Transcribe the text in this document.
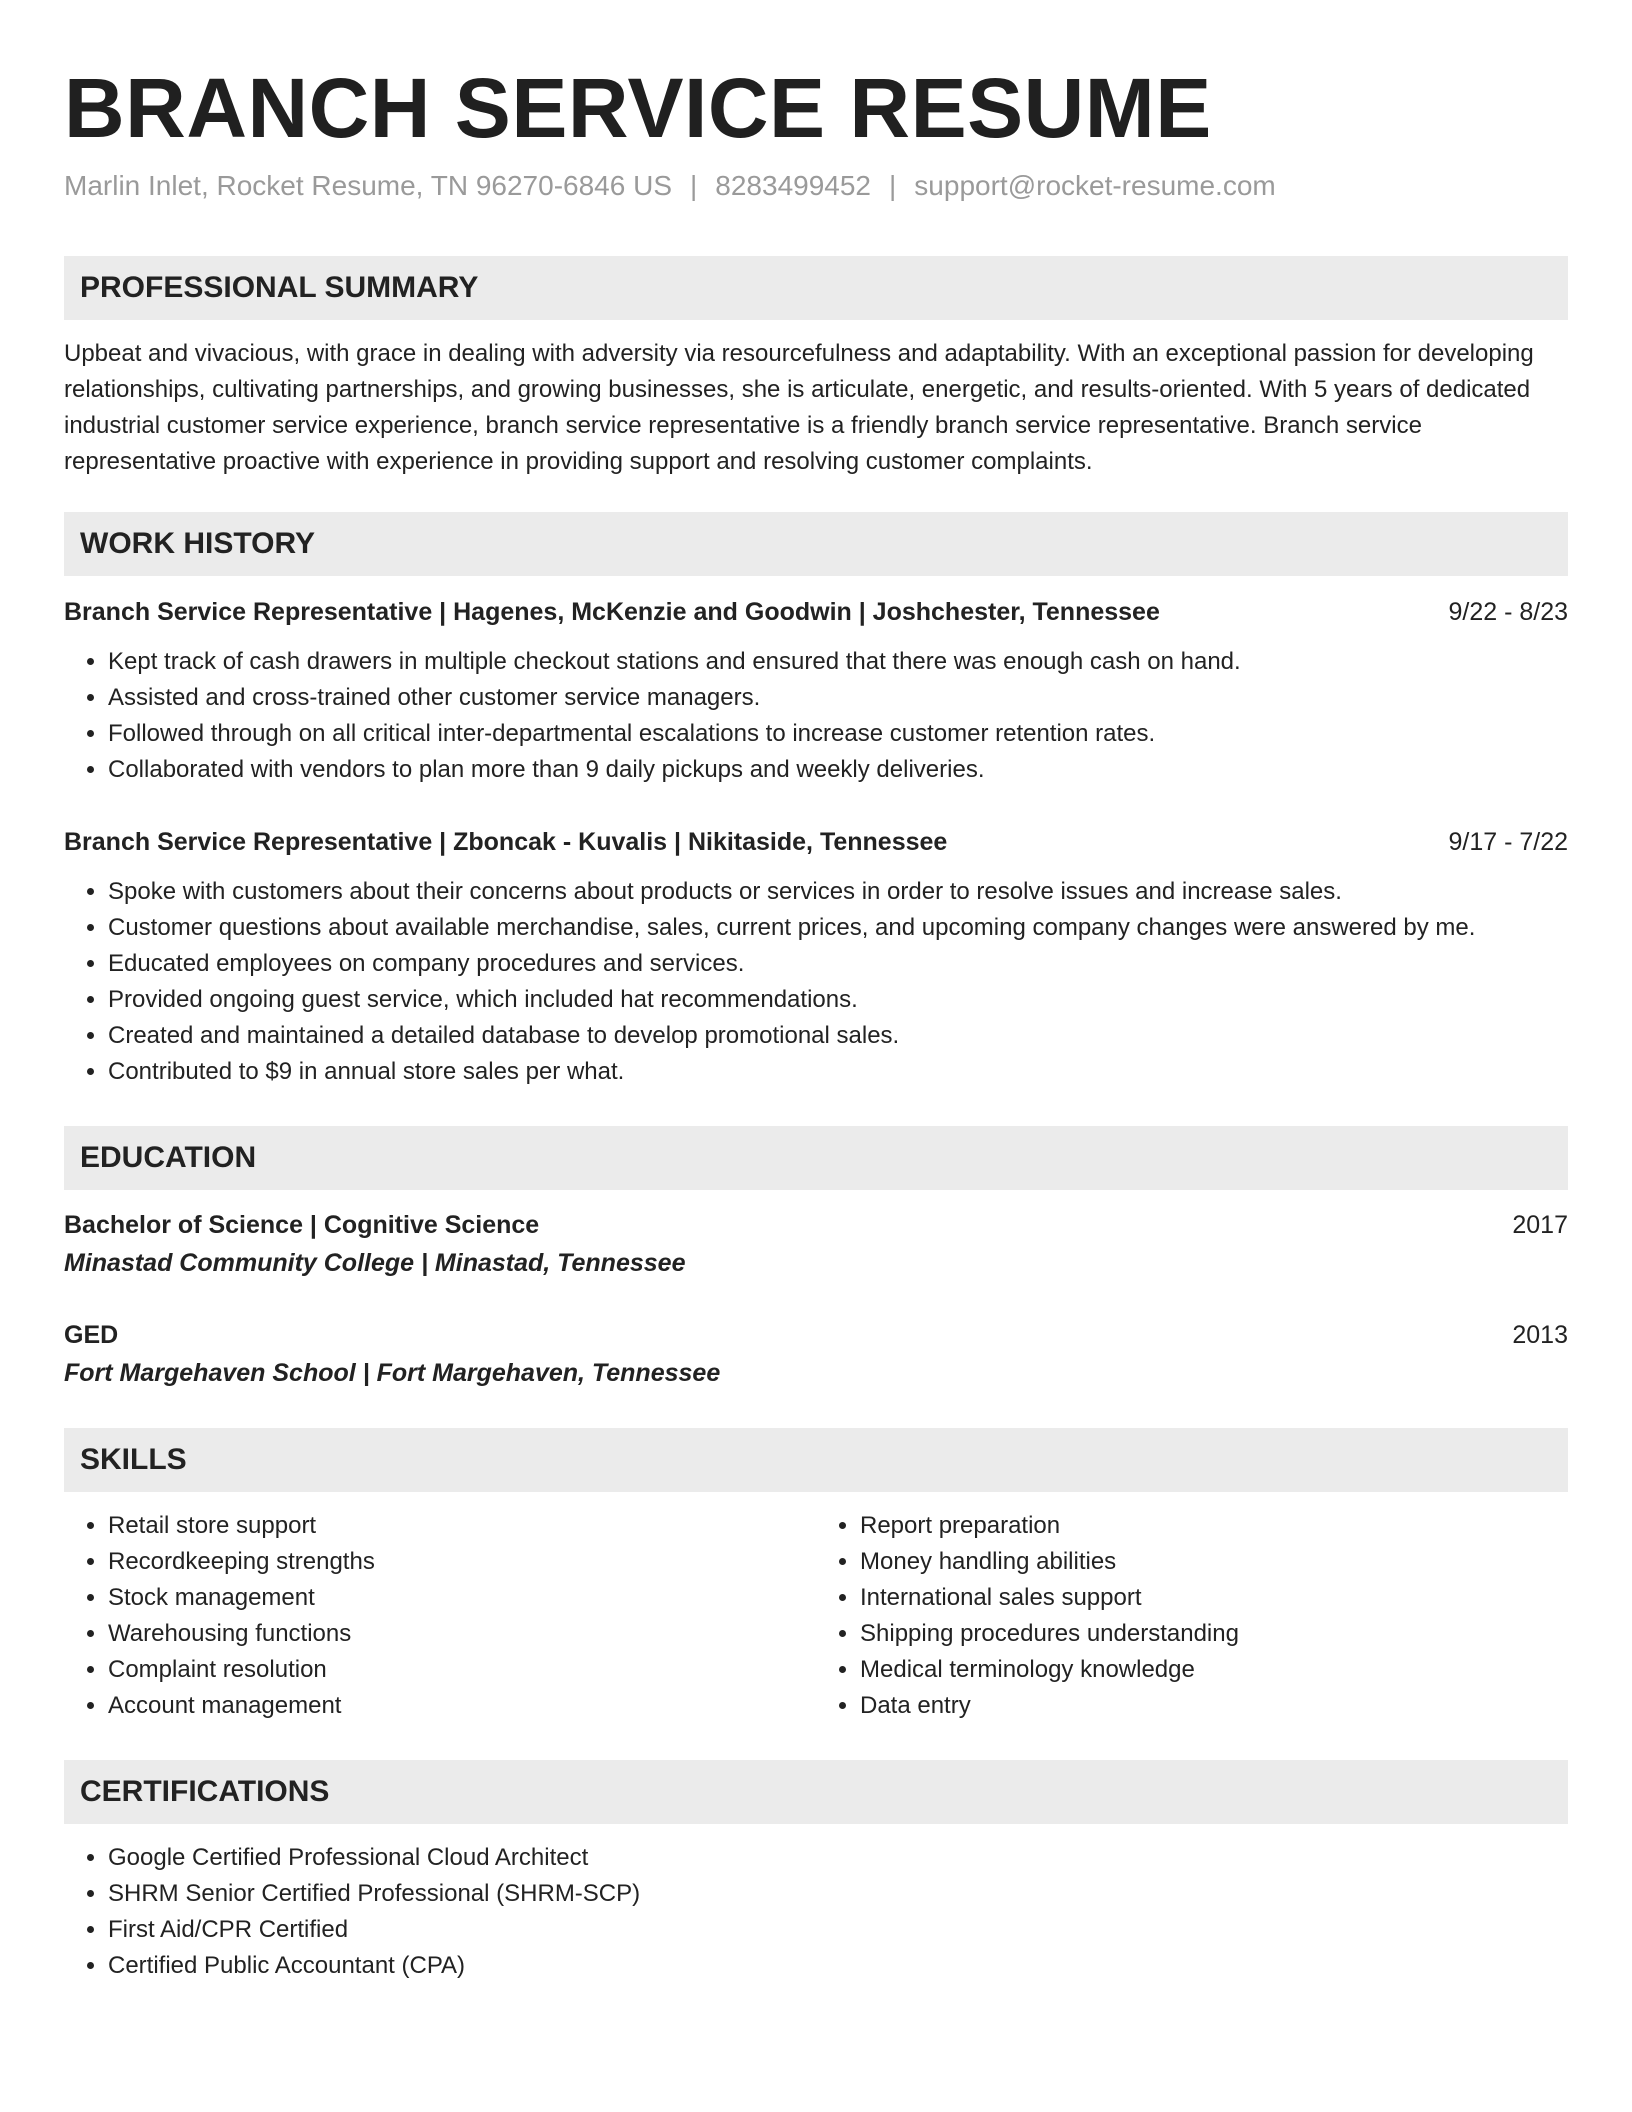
BRANCH SERVICE RESUME
Marlin Inlet, Rocket Resume, TN 96270-6846 US | 8283499452 | support@rocket-resume.com
PROFESSIONAL SUMMARY

Upbeat and vivacious, with grace in dealing with adversity via resourcefulness and adaptability. With an exceptional passion for developing relationships, cultivating partnerships, and growing businesses, she is articulate, energetic, and results-oriented. With 5 years of dedicated industrial customer service experience, branch service representative is a friendly branch service representative. Branch service representative proactive with experience in providing support and resolving customer complaints.

WORK HISTORY
Branch Service Representative | Hagenes, McKenzie and Goodwin | Joshchester, Tennessee	9/22 - 8/23
• Kept track of cash drawers in multiple checkout stations and ensured that there was enough cash on hand.
• Assisted and cross-trained other customer service managers.
• Followed through on all critical inter-departmental escalations to increase customer retention rates.
• Collaborated with vendors to plan more than 9 daily pickups and weekly deliveries.
Branch Service Representative | Zboncak - Kuvalis | Nikitaside, Tennessee	9/17 - 7/22
• Spoke with customers about their concerns about products or services in order to resolve issues and increase sales.
• Customer questions about available merchandise, sales, current prices, and upcoming company changes were answered by me.
• Educated employees on company procedures and services.
• Provided ongoing guest service, which included hat recommendations.
• Created and maintained a detailed database to develop promotional sales.
• Contributed to $9 in annual store sales per what.
EDUCATION
Bachelor of Science | Cognitive Science	2017
Minastad Community College | Minastad, Tennessee
GED	2013
Fort Margehaven School | Fort Margehaven, Tennessee
SKILLS
• Retail store support
• Recordkeeping strengths
• Stock management
• Warehousing functions
• Complaint resolution
• Account management
• Report preparation
• Money handling abilities
• International sales support
• Shipping procedures understanding
• Medical terminology knowledge
• Data entry
CERTIFICATIONS
• Google Certified Professional Cloud Architect
• SHRM Senior Certified Professional (SHRM-SCP)
• First Aid/CPR Certified
• Certified Public Accountant (CPA)
